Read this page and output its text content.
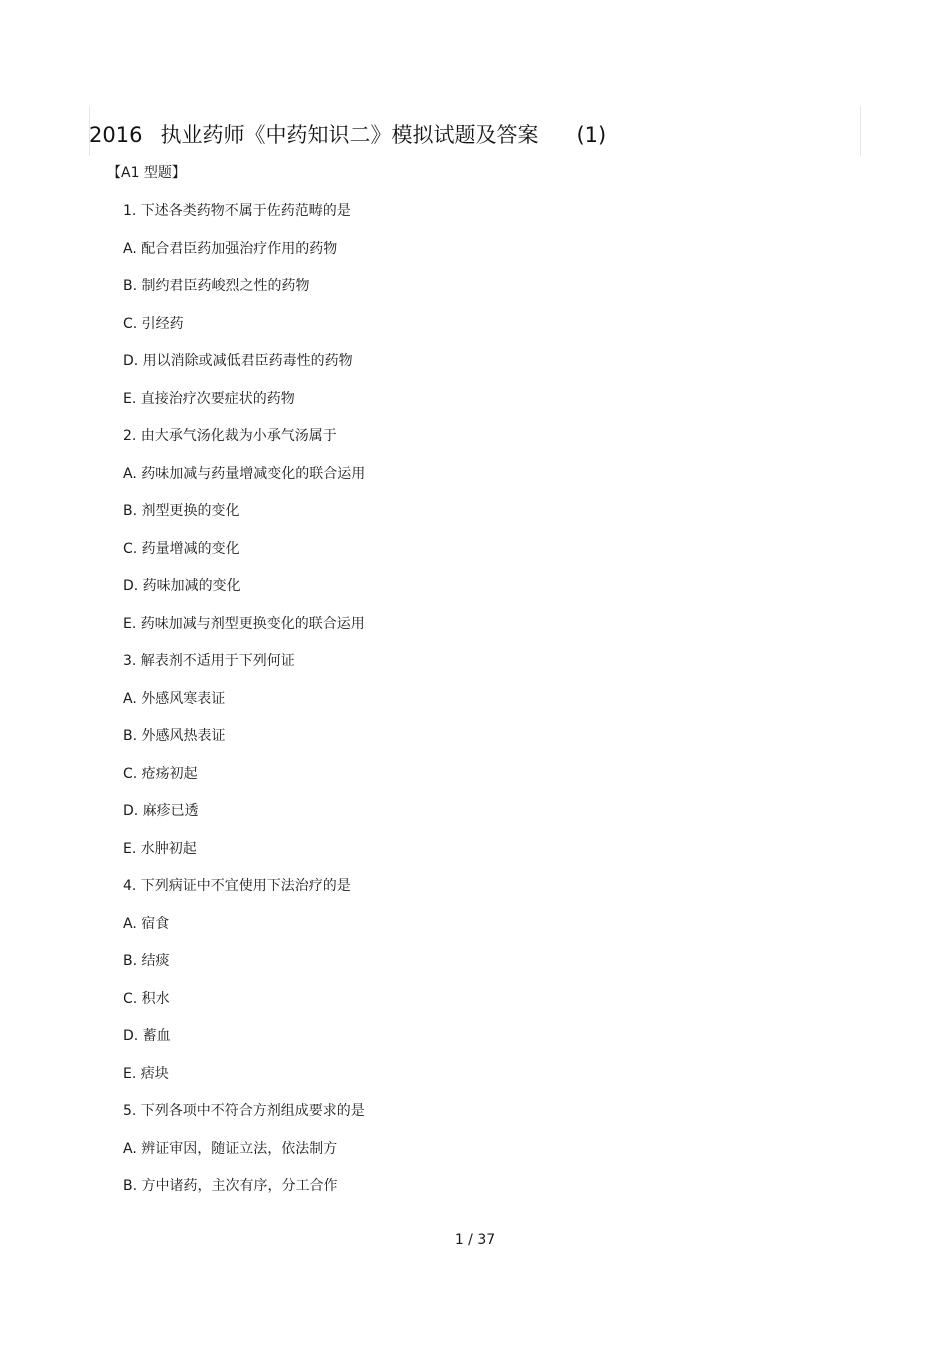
2016 执业药师《中药知识二》模拟试题及答案 (1)
【A1 型题】
1. 下述各类药物不属于佐药范畴的是
A. 配合君臣药加强治疗作用的药物
B. 制约君臣药峻烈之性的药物
C. 引经药
D. 用以消除或减低君臣药毒性的药物
E. 直接治疗次要症状的药物
2. 由大承气汤化裁为小承气汤属于
A. 药味加减与药量增减变化的联合运用
B. 剂型更换的变化
C. 药量增减的变化
D. 药味加减的变化
E. 药味加减与剂型更换变化的联合运用
3. 解表剂不适用于下列何证
A. 外感风寒表证
B. 外感风热表证
C. 疮疡初起
D. 麻疹已透
E. 水肿初起
4. 下列病证中不宜使用下法治疗的是
A. 宿食
B. 结痰
C. 积水
D. 蓄血
E. 痞块
5. 下列各项中不符合方剂组成要求的是
A. 辨证审因，随证立法，依法制方
B. 方中诸药，主次有序，分工合作
1 / 37
